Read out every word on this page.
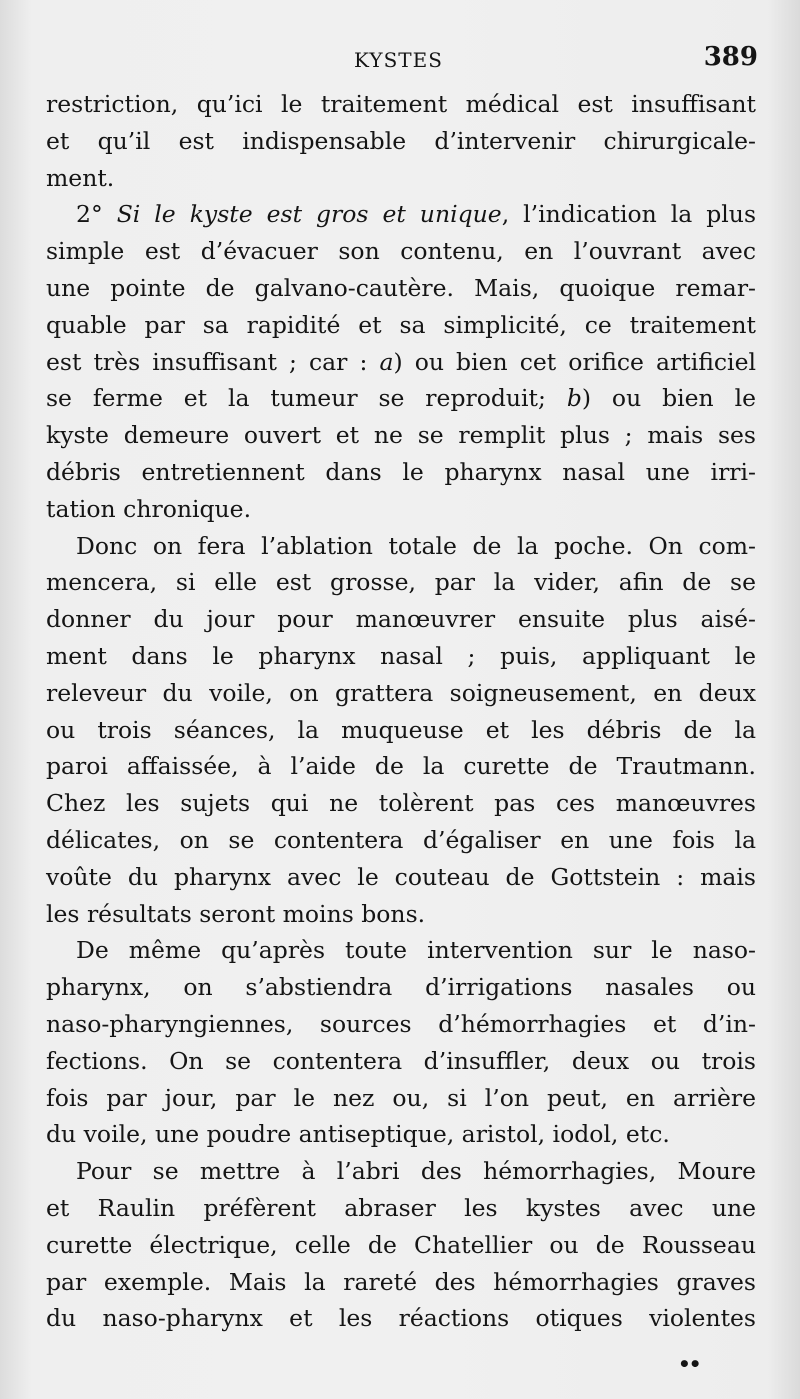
KYSTES	389
restriction, qu’ici le traitement médical est insuffisant
et qu’il est indispensable d’intervenir chirurgicale-
ment.
2° Si le kyste est gros et unique, l’indication la plus
simple est d’évacuer son contenu, en l’ouvrant avec
une pointe de galvano-cautère. Mais, quoique remar-
quable par sa rapidité et sa simplicité, ce traitement
est très insuffisant ; car : a) ou bien cet orifice artificiel
se ferme et la tumeur se reproduit; b) ou bien le
kyste demeure ouvert et ne se remplit plus ; mais ses
débris entretiennent dans le pharynx nasal une irri-
tation chronique.
Donc on fera l’ablation totale de la poche. On com-
mencera, si elle est grosse, par la vider, afin de se
donner du jour pour manœuvrer ensuite plus aisé-
ment dans le pharynx nasal ; puis, appliquant le
releveur du voile, on grattera soigneusement, en deux
ou trois séances, la muqueuse et les débris de la
paroi affaissée, à l’aide de la curette de Trautmann.
Chez les sujets qui ne tolèrent pas ces manœuvres
délicates, on se contentera d’égaliser en une fois la
voûte du pharynx avec le couteau de Gottstein : mais
les résultats seront moins bons.
De même qu’après toute intervention sur le naso-
pharynx, on s’abstiendra d’irrigations nasales ou
naso-pharyngiennes, sources d’hémorrhagies et d’in-
fections. On se contentera d’insuffler, deux ou trois
fois par jour, par le nez ou, si l’on peut, en arrière
du voile, une poudre antiseptique, aristol, iodol, etc.
Pour se mettre à l’abri des hémorrhagies, Moure
et Raulin préfèrent abraser les kystes avec une
curette électrique, celle de Chatellier ou de Rousseau
par exemple. Mais la rareté des hémorrhagies graves
du naso-pharynx et les réactions otiques violentes
••
